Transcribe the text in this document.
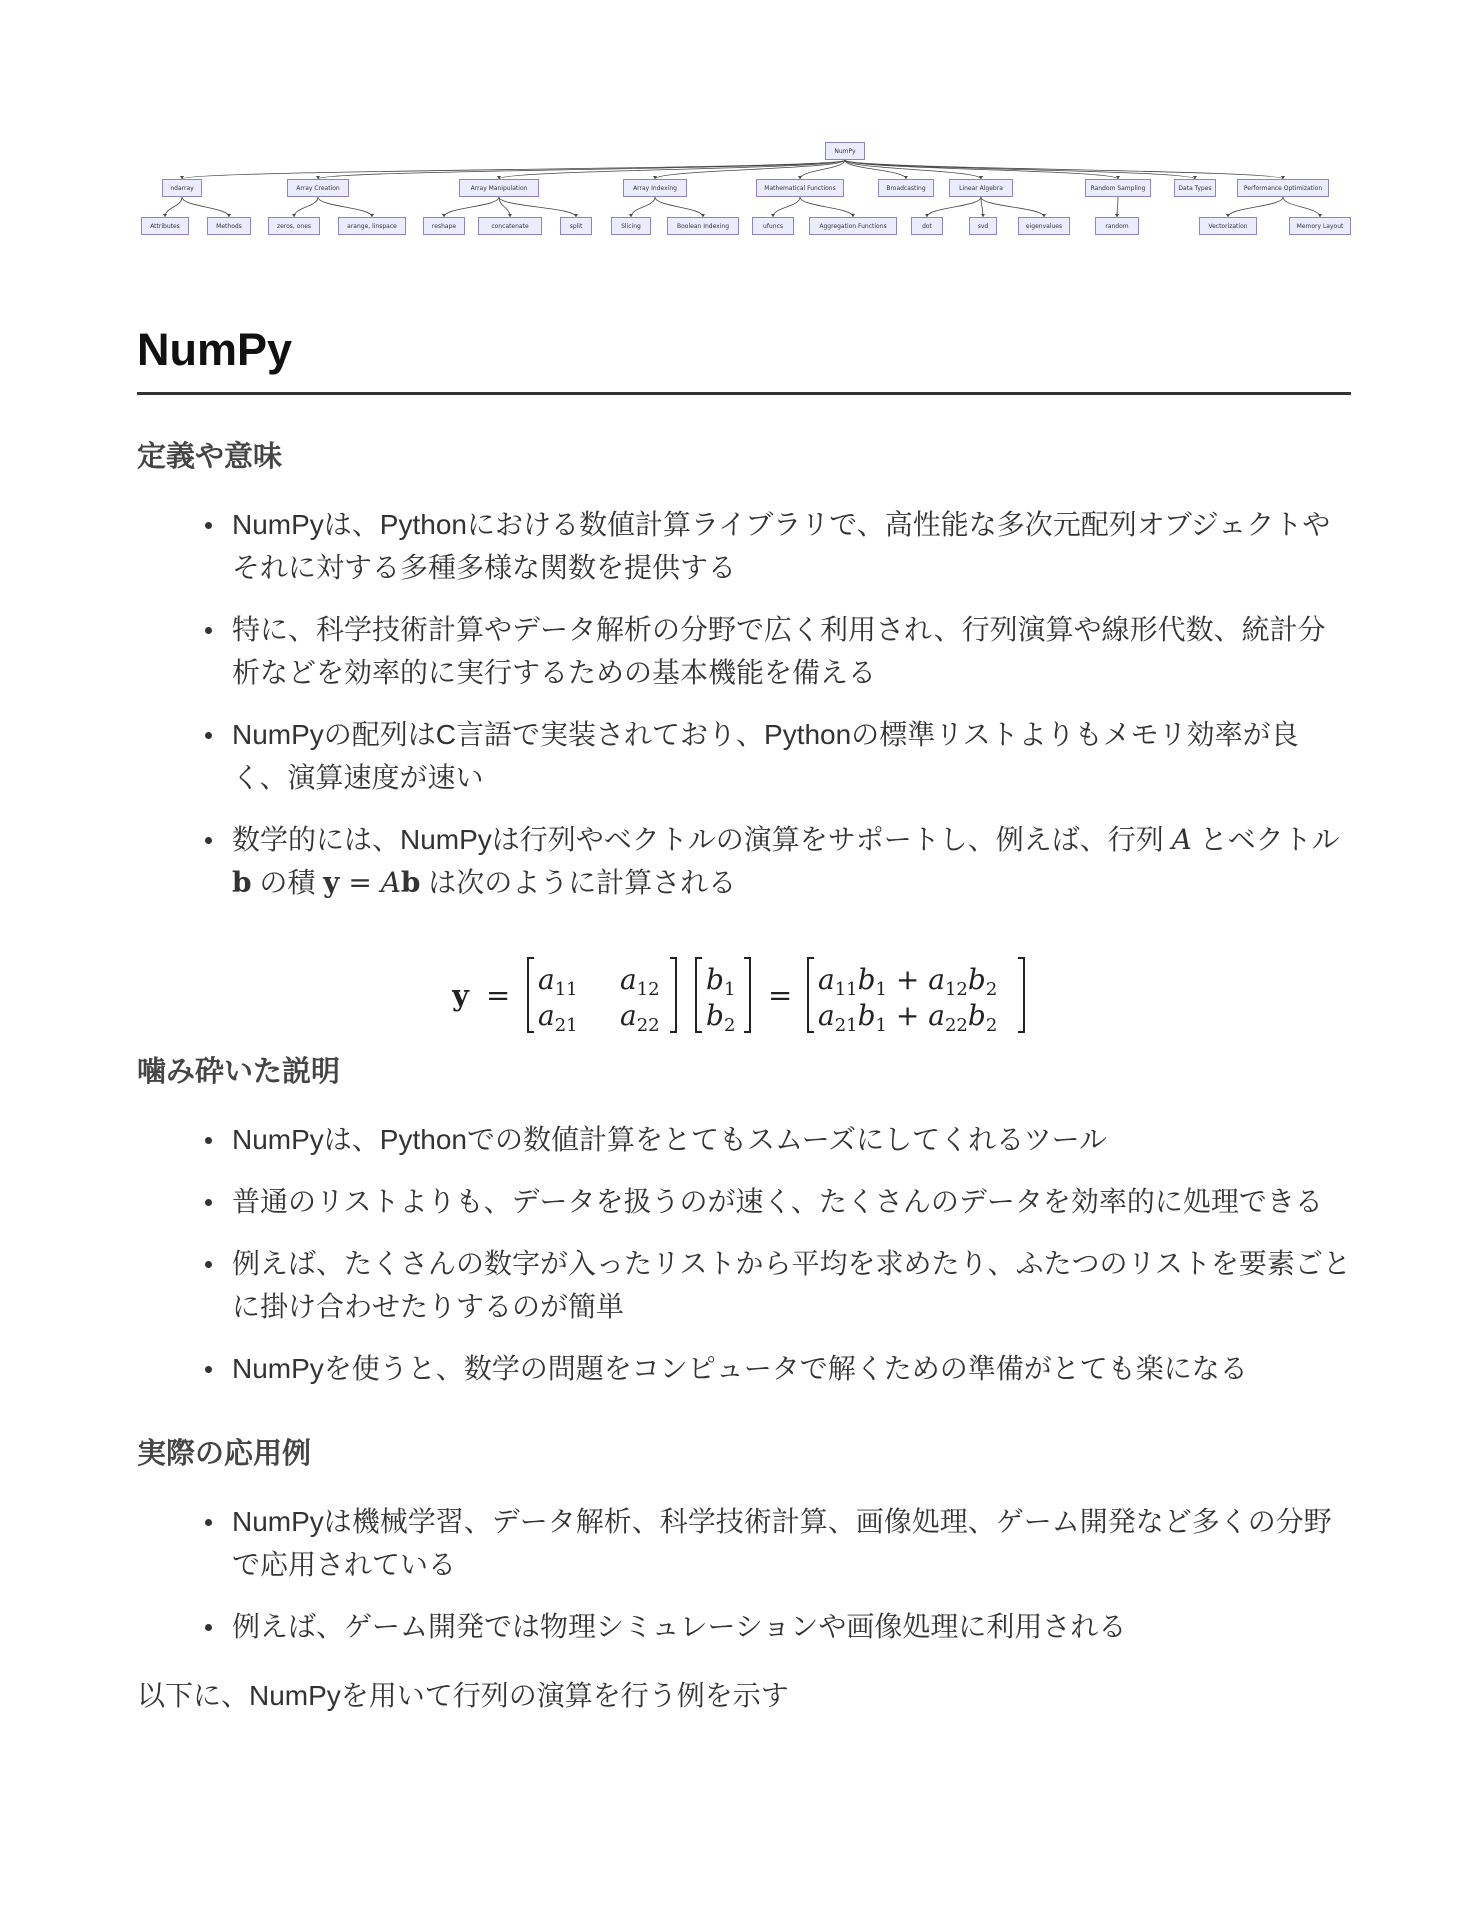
NumPy
ndarray
Attributes	Methods
Array Creation
zeros, ones	arange, linspace
Array Manipulation
reshape	concatenate	split
Array Indexing
Slicing	Boolean Indexing
Mathematical Functions
ufuncs	Aggregation Functions
Broadcasting	Linear Algebra
dot	svd	eigenvalues
Random Sampling
random
Data Types	Performance Optimization
Vectorization	Memory Layout
NumPy
定義や意味
NumPyは、Pythonにおける数値計算ライブラリで、高性能な多次元配列オブジェクトやそれに対する多種多様な関数を提供する
特に、科学技術計算やデータ解析の分野で広く利用され、行列演算や線形代数、統計分析などを効率的に実行するための基本機能を備える
NumPyの配列はC言語で実装されており、Pythonの標準リストよりもメモリ効率が良く、演算速度が速い
数学的には、NumPyは行列やベクトルの演算をサポートし、例えば、行列 A とベクトル b の積 y = Ab は次のように計算される
噛み砕いた説明
NumPyは、Pythonでの数値計算をとてもスムーズにしてくれるツール
普通のリストよりも、データを扱うのが速く、たくさんのデータを効率的に処理できる
例えば、たくさんの数字が入ったリストから平均を求めたり、ふたつのリストを要素ごとに掛け合わせたりするのが簡単
NumPyを使うと、数学の問題をコンピュータで解くための準備がとても楽になる
実際の応用例
NumPyは機械学習、データ解析、科学技術計算、画像処理、ゲーム開発など多くの分野で応用されている
例えば、ゲーム開発では物理シミュレーションや画像処理に利用される

以下に、NumPyを用いて行列の演算を行う例を示す

$y = a_{11}$ $a_{12}$
$a_{21}$ $a_{22}$
$b_1$
$b_2$
= $a_{11}b_1 + a_{12}b_2$
$a_{21}b_1 + a_{22}b_2$
